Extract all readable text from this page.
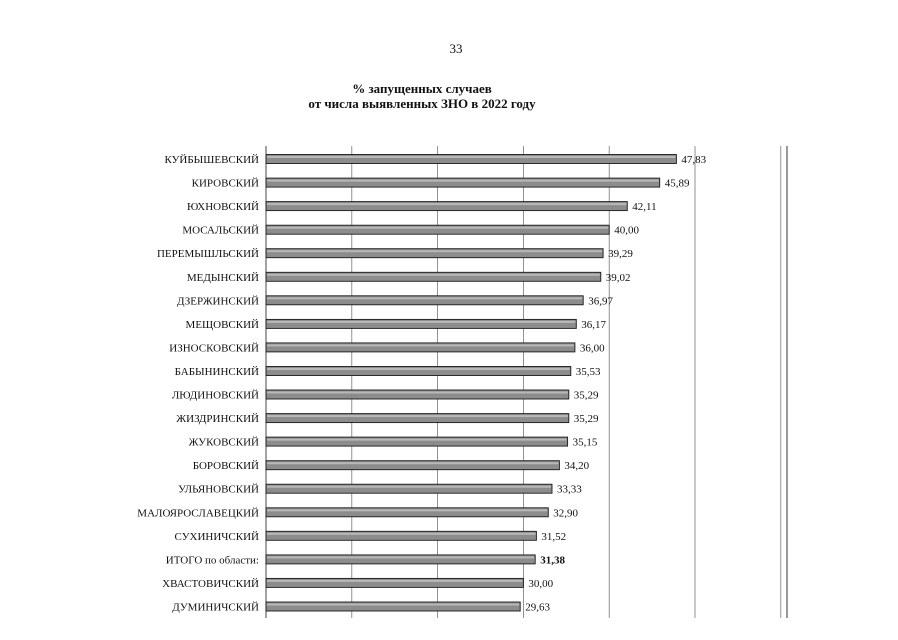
33
% запущенных случаев
от числа выявленных ЗНО в 2022 году
КУЙБЫШЕВСКИЙ	47,83
КИРОВСКИЙ	45,89
ЮХНОВСКИЙ	42,11
МОСАЛЬСКИЙ	40,00
ПЕРЕМЫШЛЬСКИЙ	39,29
МЕДЫНСКИЙ	39,02
ДЗЕРЖИНСКИЙ	36,97
МЕЩОВСКИЙ	36,17
ИЗНОСКОВСКИЙ	36,00
БАБЫНИНСКИЙ	35,53
ЛЮДИНОВСКИЙ	35,29
ЖИЗДРИНСКИЙ	35,29
ЖУКОВСКИЙ	35,15
БОРОВСКИЙ	34,20
УЛЬЯНОВСКИЙ	33,33
МАЛОЯРОСЛАВЕЦКИЙ	32,90
СУХИНИЧСКИЙ	31,52
ИТОГО по области:	31,38
ХВАСТОВИЧСКИЙ	30,00
ДУМИНИЧСКИЙ	29,63
